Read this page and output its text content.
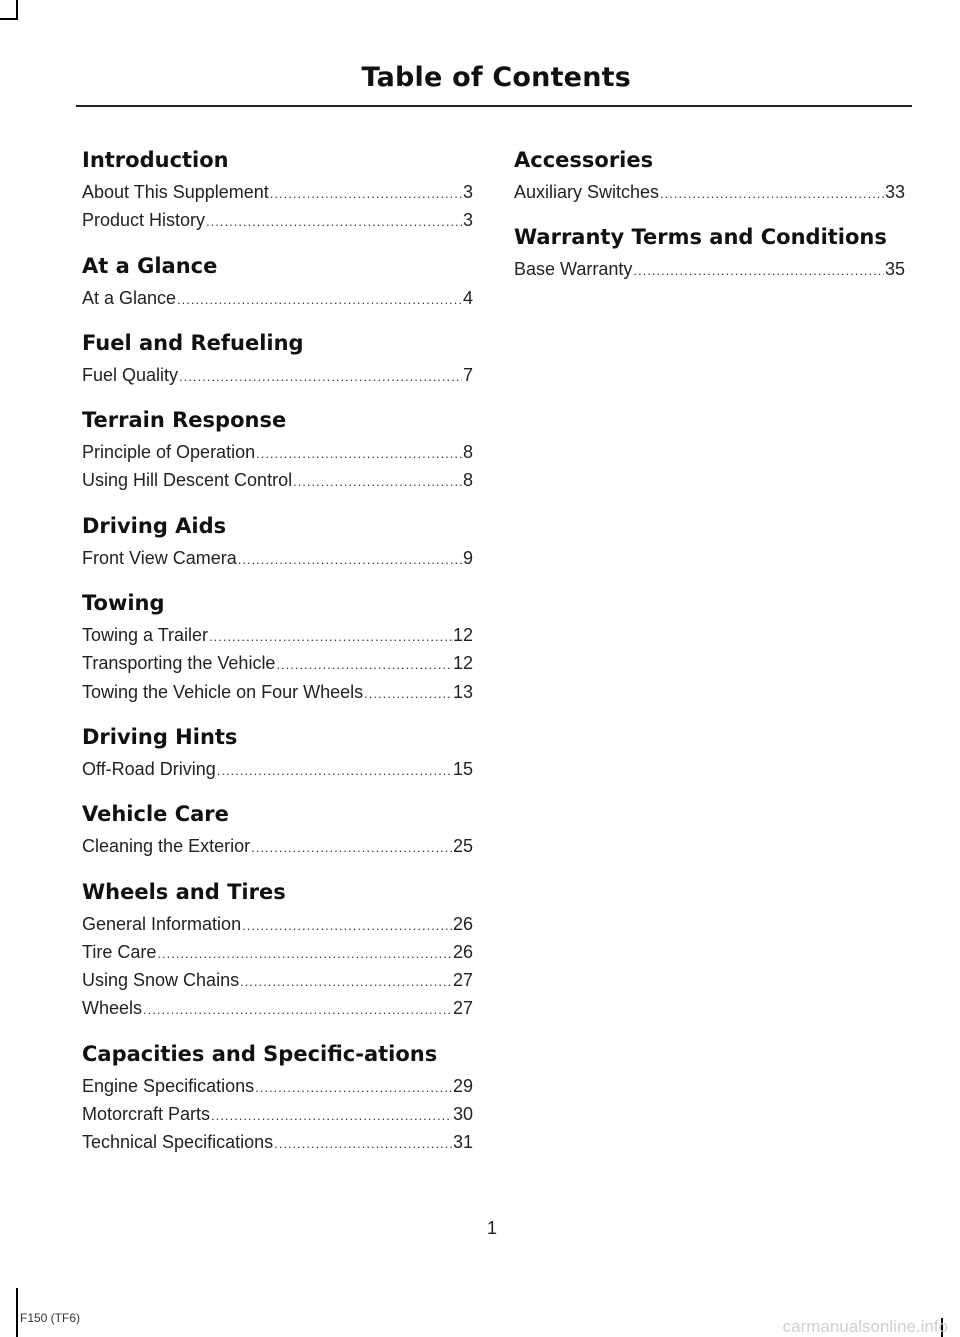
Table of Contents
Introduction
About This Supplement .....	3
Product History .....	3
At a Glance
At a Glance .....	4
Fuel and Refueling
Fuel Quality .....	7
Terrain Response
Principle of Operation .....	8
Using Hill Descent Control .....	8
Driving Aids
Front View Camera .....	9
Towing
Towing a Trailer .....	12
Transporting the Vehicle .....	12
Towing the Vehicle on Four Wheels .....	13
Driving Hints
Off-Road Driving .....	15
Vehicle Care
Cleaning the Exterior .....	25
Wheels and Tires
General Information .....	26
Tire Care .....	26
Using Snow Chains .....	27
Wheels .....	27
Capacities and Specific-ations
Engine Specifications .....	29
Motorcraft Parts .....	30
Technical Specifications .....	31
Accessories
Auxiliary Switches .....	33
Warranty Terms and Conditions
Base Warranty .....	35
1
F150 (TF6)	carmanualsonline.info
